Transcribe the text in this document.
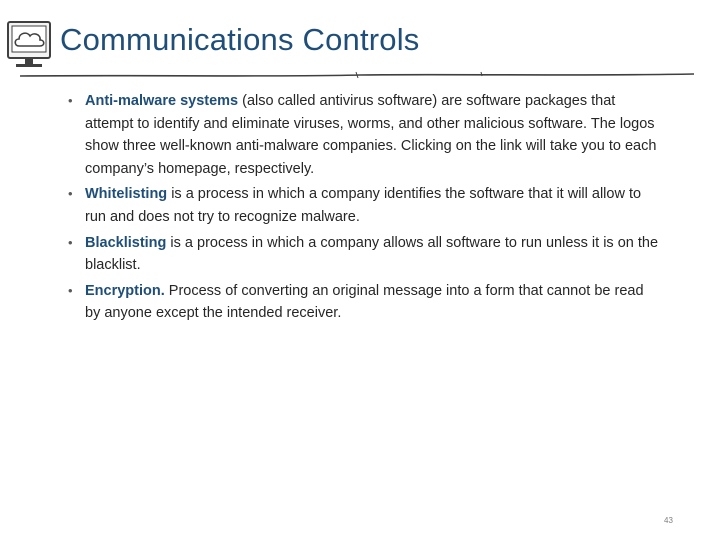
Communications Controls
• Anti-malware systems (also called antivirus software) are software packages that attempt to identify and eliminate viruses, worms, and other malicious software. The logos show three well-known anti-malware companies. Clicking on the link will take you to each company’s homepage, respectively.
• Whitelisting is a process in which a company identifies the software that it will allow to run and does not try to recognize malware.
• Blacklisting is a process in which a company allows all software to run unless it is on the blacklist.
• Encryption. Process of converting an original message into a form that cannot be read by anyone except the intended receiver.
43
